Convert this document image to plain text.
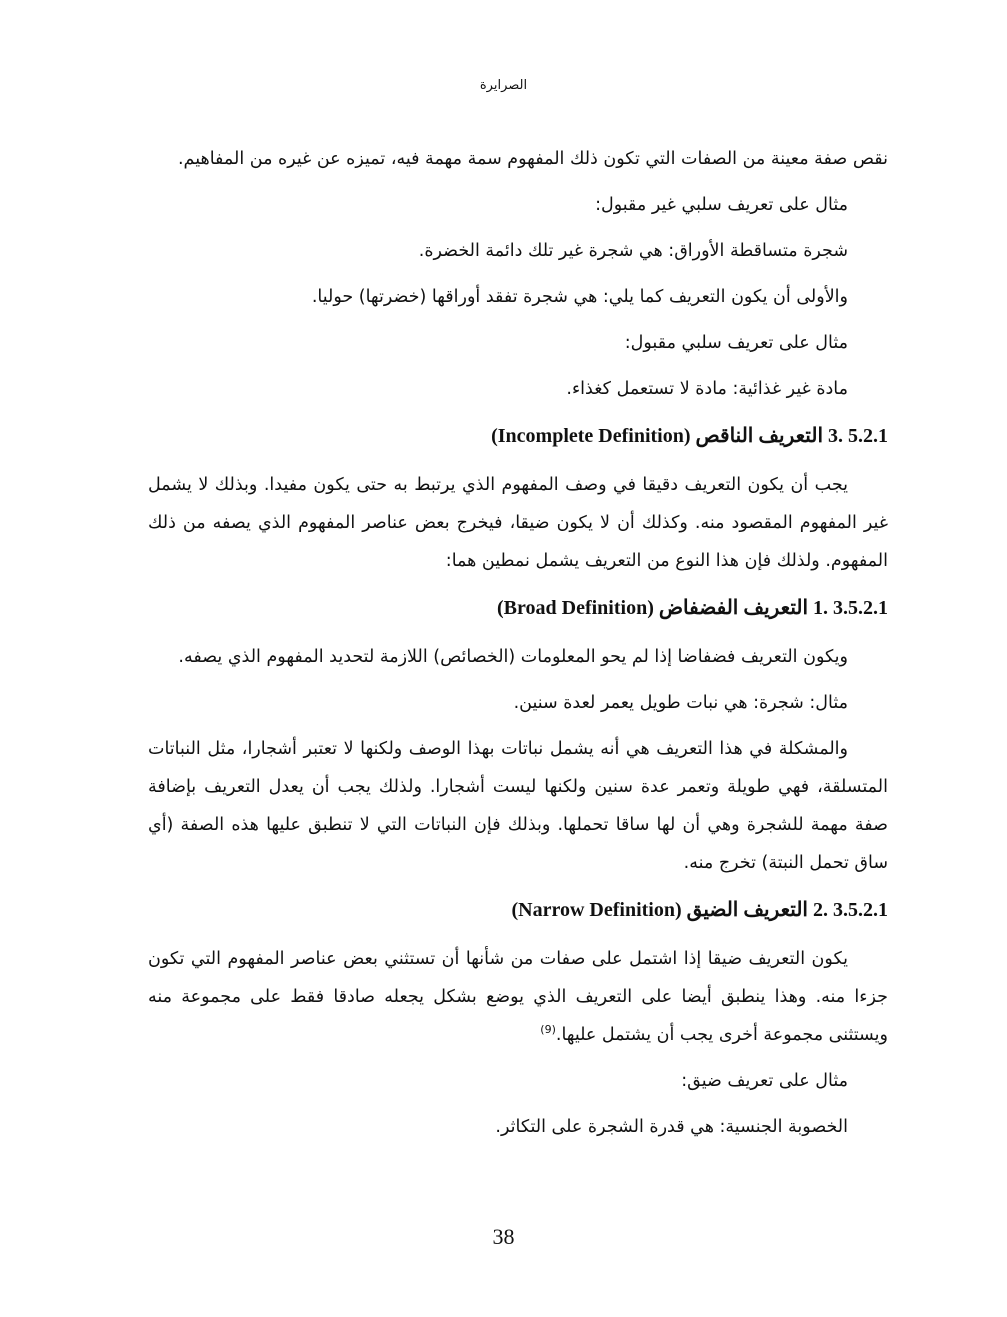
الصرايرة

نقص صفة معينة من الصفات التي تكون ذلك المفهوم سمة مهمة فيه، تميزه عن غيره من المفاهيم.

مثال على تعريف سلبي غير مقبول:

شجرة متساقطة الأوراق: هي شجرة غير تلك دائمة الخضرة.

والأولى أن يكون التعريف كما يلي: هي شجرة تفقد أوراقها (خضرتها) حوليا.

مثال على تعريف سلبي مقبول:

مادة غير غذائية: مادة لا تستعمل كغذاء.

3. 5.2.1 التعريف الناقص (Incomplete Definition)

يجب أن يكون التعريف دقيقا في وصف المفهوم الذي يرتبط به حتى يكون مفيدا. وبذلك لا يشمل غير المفهوم المقصود منه. وكذلك أن لا يكون ضيقا، فيخرج بعض عناصر المفهوم الذي يصفه من ذلك المفهوم. ولذلك فإن هذا النوع من التعريف يشمل نمطين هما:

1. 3.5.2.1 التعريف الفضفاض (Broad Definition)

ويكون التعريف فضفاضا إذا لم يحو المعلومات (الخصائص) اللازمة لتحديد المفهوم الذي يصفه.

مثال: شجرة: هي نبات طويل يعمر لعدة سنين.

والمشكلة في هذا التعريف هي أنه يشمل نباتات بهذا الوصف ولكنها لا تعتبر أشجارا، مثل النباتات المتسلقة، فهي طويلة وتعمر عدة سنين ولكنها ليست أشجارا. ولذلك يجب أن يعدل التعريف بإضافة صفة مهمة للشجرة وهي أن لها ساقا تحملها. وبذلك فإن النباتات التي لا تنطبق عليها هذه الصفة (أي ساق تحمل النبتة) تخرج منه.

2. 3.5.2.1 التعريف الضيق (Narrow Definition)

يكون التعريف ضيقا إذا اشتمل على صفات من شأنها أن تستثني بعض عناصر المفهوم التي تكون جزءا منه. وهذا ينطبق أيضا على التعريف الذي يوضع بشكل يجعله صادقا فقط على مجموعة منه ويستثنى مجموعة أخرى يجب أن يشتمل عليها.$^{(9)}$

مثال على تعريف ضيق:

الخصوبة الجنسية: هي قدرة الشجرة على التكاثر.

38
